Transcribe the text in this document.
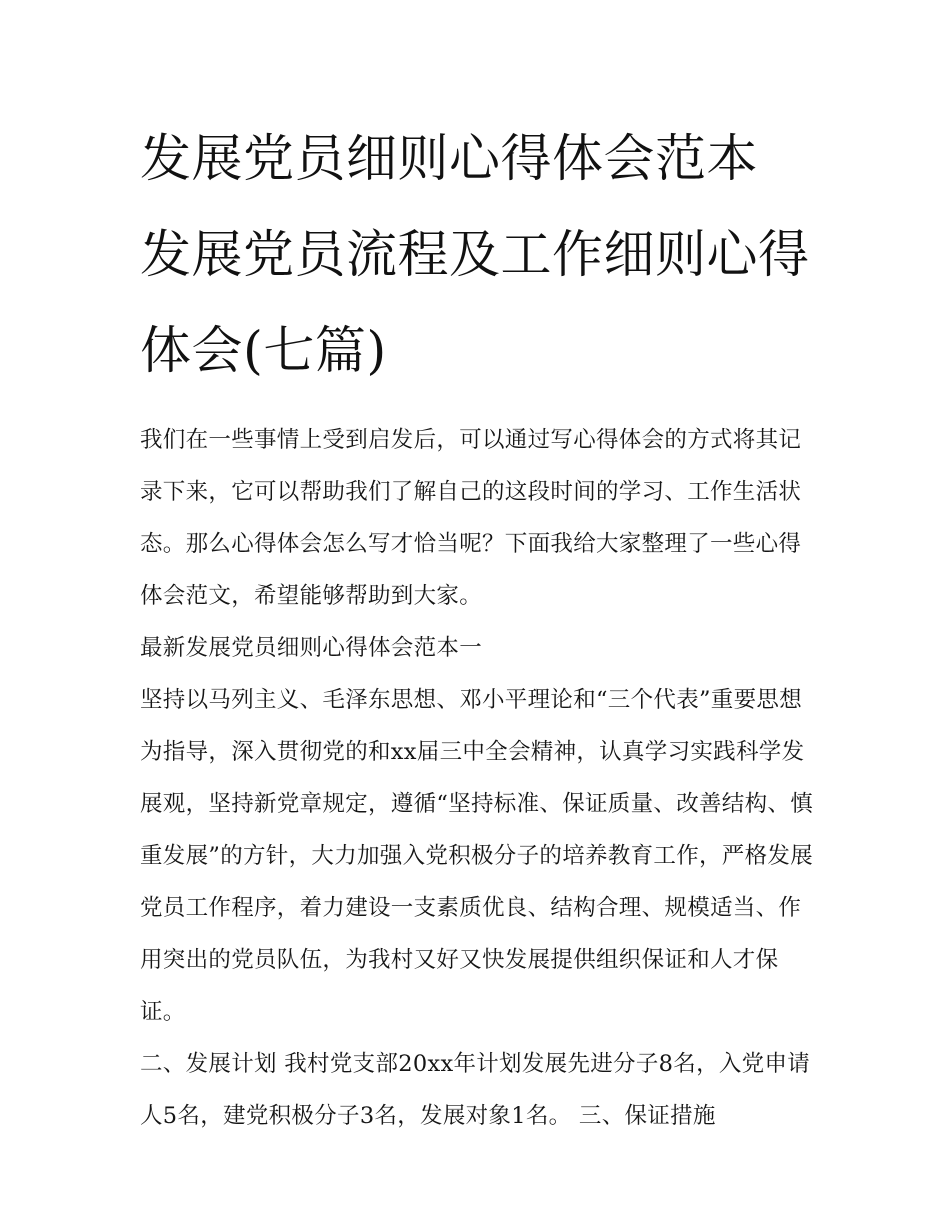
发展党员细则心得体会范本 发展党员流程及工作细则心得体会(七篇)

我们在一些事情上受到启发后，可以通过写心得体会的方式将其记录下来，它可以帮助我们了解自己的这段时间的学习、工作生活状态。那么心得体会怎么写才恰当呢？下面我给大家整理了一些心得体会范文，希望能够帮助到大家。

最新发展党员细则心得体会范本一

坚持以马列主义、毛泽东思想、邓小平理论和“三个代表”重要思想为指导，深入贯彻党的和xx届三中全会精神，认真学习实践科学发展观，坚持新党章规定，遵循“坚持标准、保证质量、改善结构、慎重发展”的方针，大力加强入党积极分子的培养教育工作，严格发展党员工作程序，着力建设一支素质优良、结构合理、规模适当、作用突出的党员队伍，为我村又好又快发展提供组织保证和人才保证。

二、发展计划 我村党支部20xx年计划发展先进分子8名，入党申请人5名，建党积极分子3名，发展对象1名。 三、保证措施
